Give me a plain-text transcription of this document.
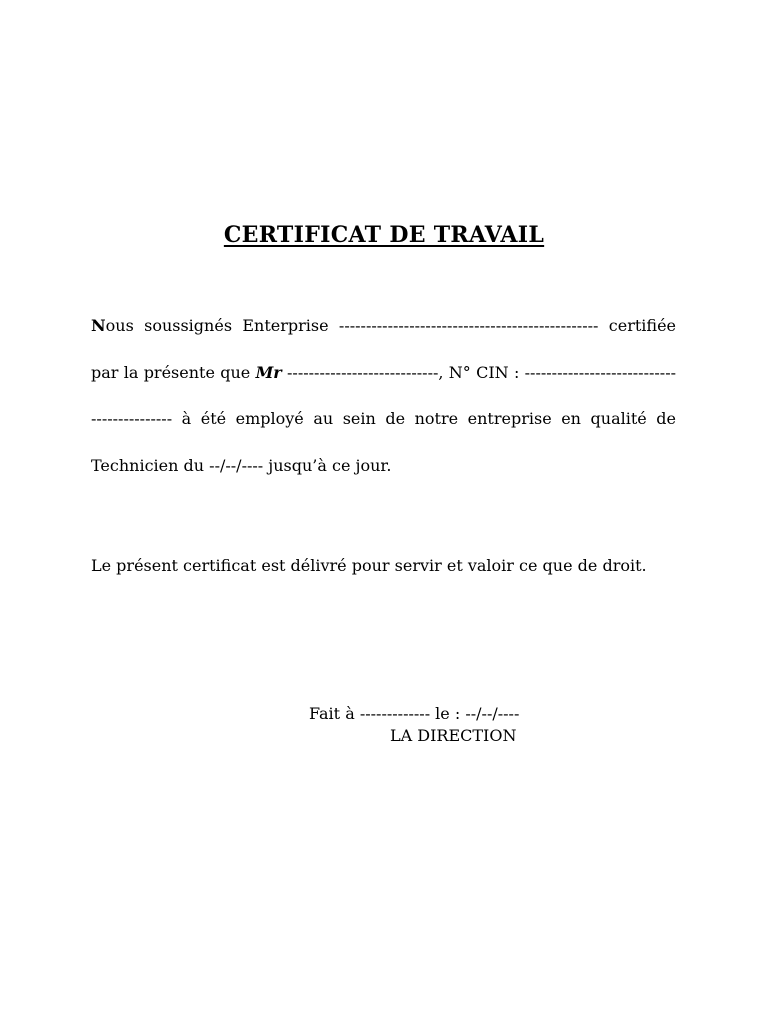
CERTIFICAT DE TRAVAIL

Nous soussignés Enterprise ------------------------------------------------ certifiée par la présente que Mr ----------------------------, N° CIN : ------------------------------------------- à été employé au sein de notre entreprise en qualité de Technicien du --/--/---- jusqu’à ce jour.

Le présent certificat est délivré pour servir et valoir ce que de droit.

Fait à ------------- le : --/--/----
LA DIRECTION
